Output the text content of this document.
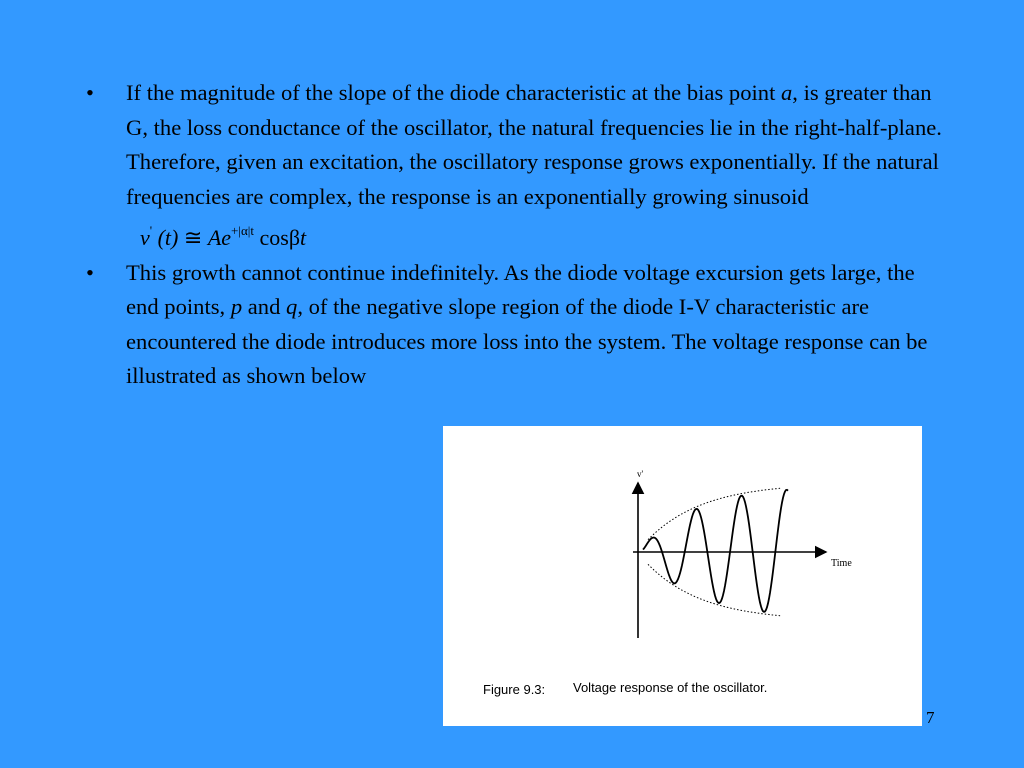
• If the magnitude of the slope of the diode characteristic at the bias point a, is greater than G, the loss conductance of the oscillator, the natural frequencies lie in the right-half-plane. Therefore, given an excitation, the oscillatory response grows exponentially. If the natural frequencies are complex, the response is an exponentially growing sinusoid v' (t) ≅ $Ae^{+|\alpha|t}$ cosβt
• This growth cannot continue indefinitely. As the diode voltage excursion gets large, the end points, p and q, of the negative slope region of the diode I-V characteristic are encountered the diode introduces more loss into the system. The voltage response can be illustrated as shown below
v'
Time
Figure 9.3: Voltage response of the oscillator.
7
